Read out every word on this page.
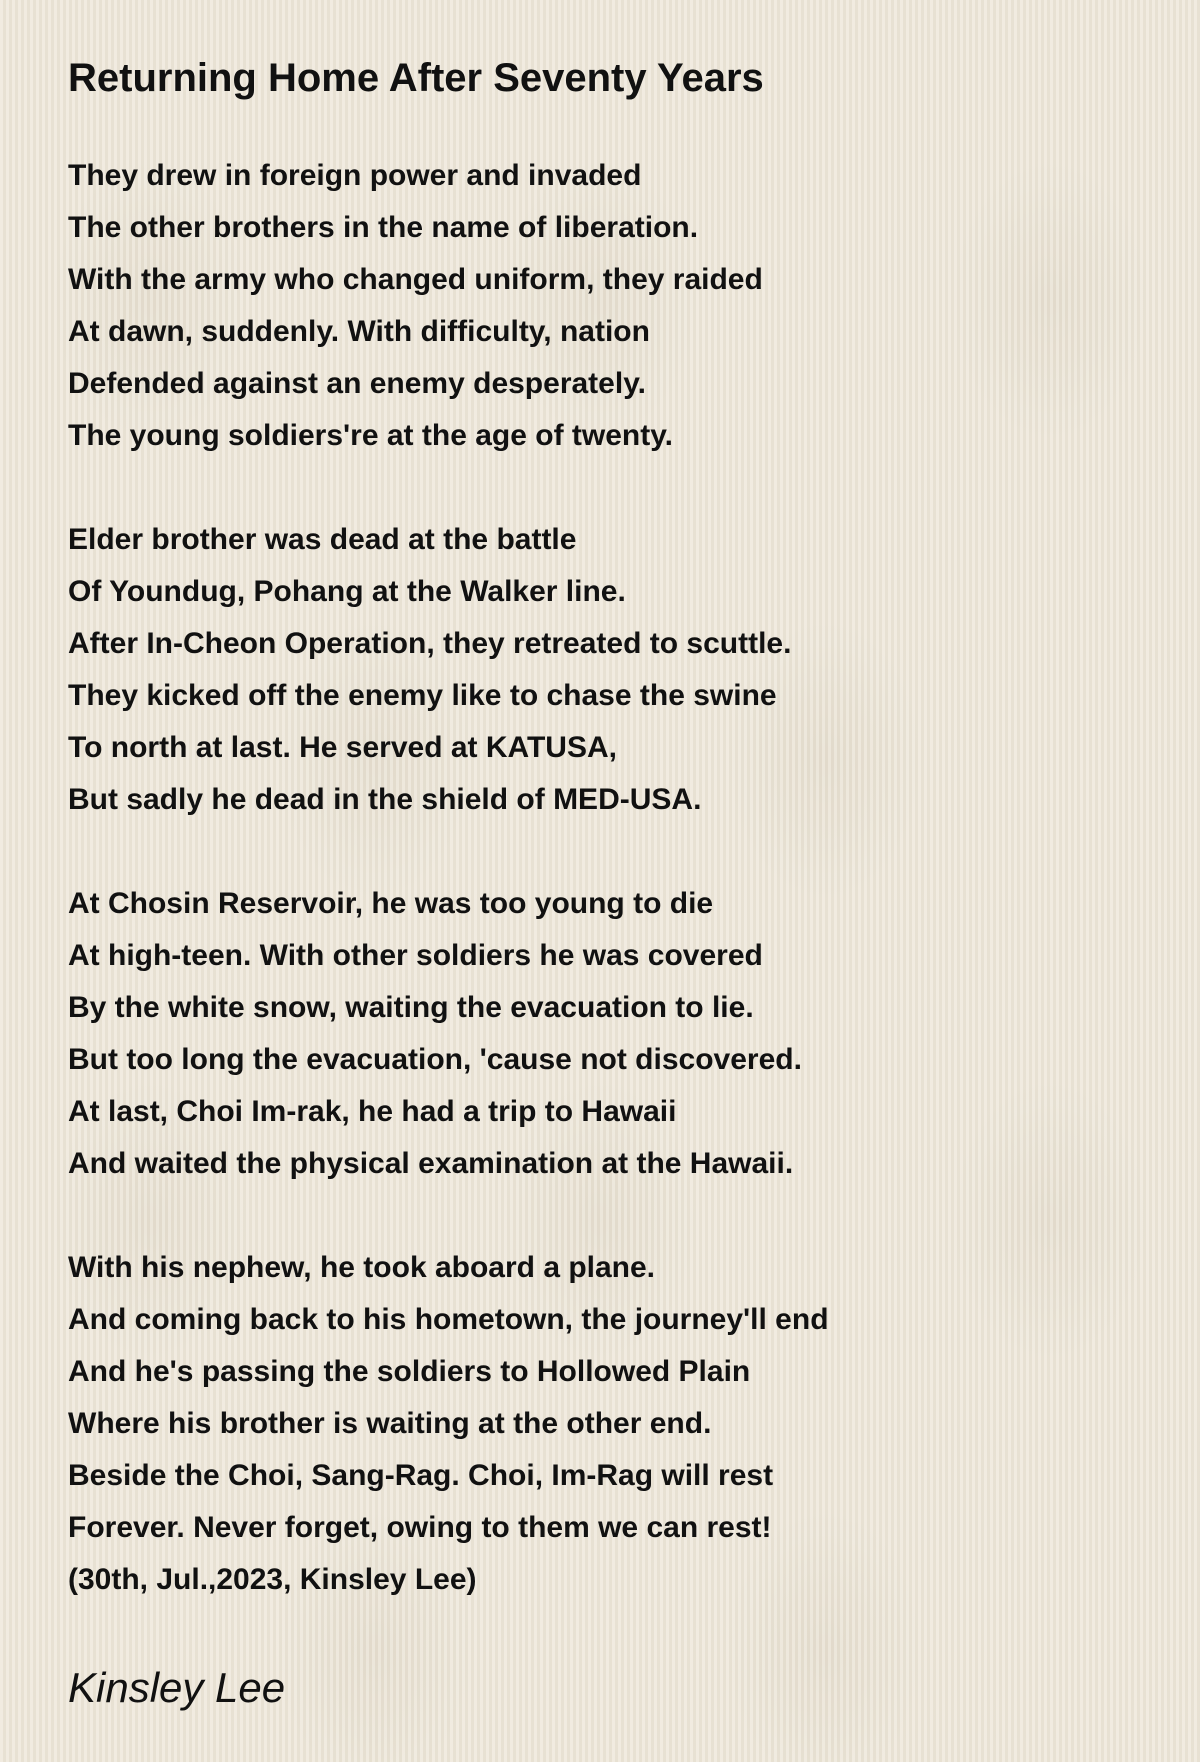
Returning Home After Seventy Years

They drew in foreign power and invaded
The other brothers in the name of liberation.
With the army who changed uniform, they raided
At dawn, suddenly. With difficulty, nation
Defended against an enemy desperately.
The young soldiers're at the age of twenty.

Elder brother was dead at the battle
Of Youndug, Pohang at the Walker line.
After In-Cheon Operation, they retreated to scuttle.
They kicked off the enemy like to chase the swine
To north at last. He served at KATUSA,
But sadly he dead in the shield of MED-USA.

At Chosin Reservoir, he was too young to die
At high-teen. With other soldiers he was covered
By the white snow, waiting the evacuation to lie.
But too long the evacuation, 'cause not discovered.
At last, Choi Im-rak, he had a trip to Hawaii
And waited the physical examination at the Hawaii.

With his nephew, he took aboard a plane.
And coming back to his hometown, the journey'll end
And he's passing the soldiers to Hollowed Plain
Where his brother is waiting at the other end.
Beside the Choi, Sang-Rag. Choi, Im-Rag will rest
Forever. Never forget, owing to them we can rest!
(30th, Jul.,2023, Kinsley Lee)

Kinsley Lee
